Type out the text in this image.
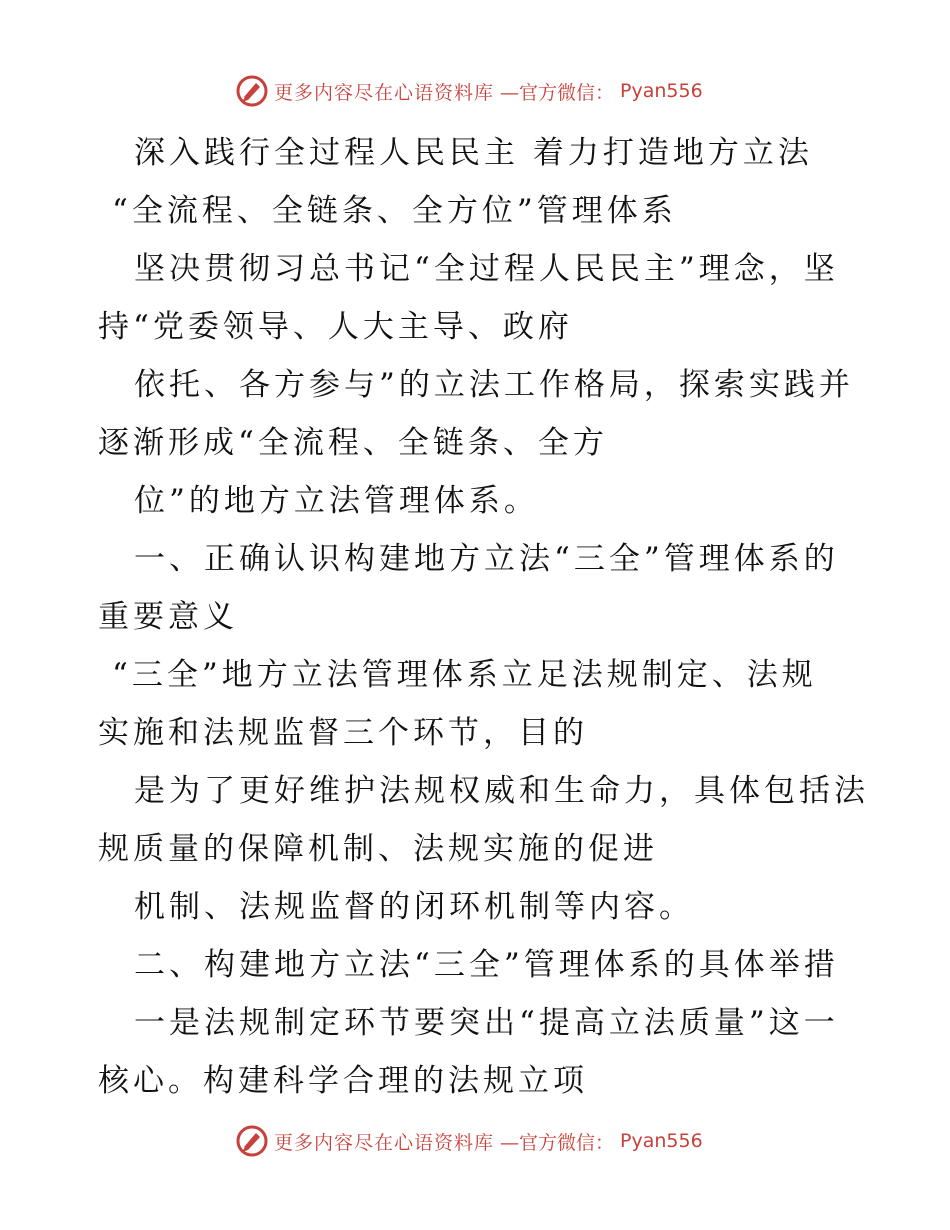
更多内容尽在心语资料库 —官方微信： Pyan556
深入践行全过程人民民主 着力打造地方立法
“全流程、全链条、全方位”管理体系
坚决贯彻习总书记“全过程人民民主”理念，坚
持“党委领导、人大主导、政府
依托、各方参与”的立法工作格局，探索实践并
逐渐形成“全流程、全链条、全方
位”的地方立法管理体系。
一、正确认识构建地方立法“三全”管理体系的
重要意义
“三全”地方立法管理体系立足法规制定、法规
实施和法规监督三个环节，目的
是为了更好维护法规权威和生命力，具体包括法
规质量的保障机制、法规实施的促进
机制、法规监督的闭环机制等内容。
二、构建地方立法“三全”管理体系的具体举措
一是法规制定环节要突出“提高立法质量”这一
核心。构建科学合理的法规立项
更多内容尽在心语资料库 —官方微信： Pyan556
